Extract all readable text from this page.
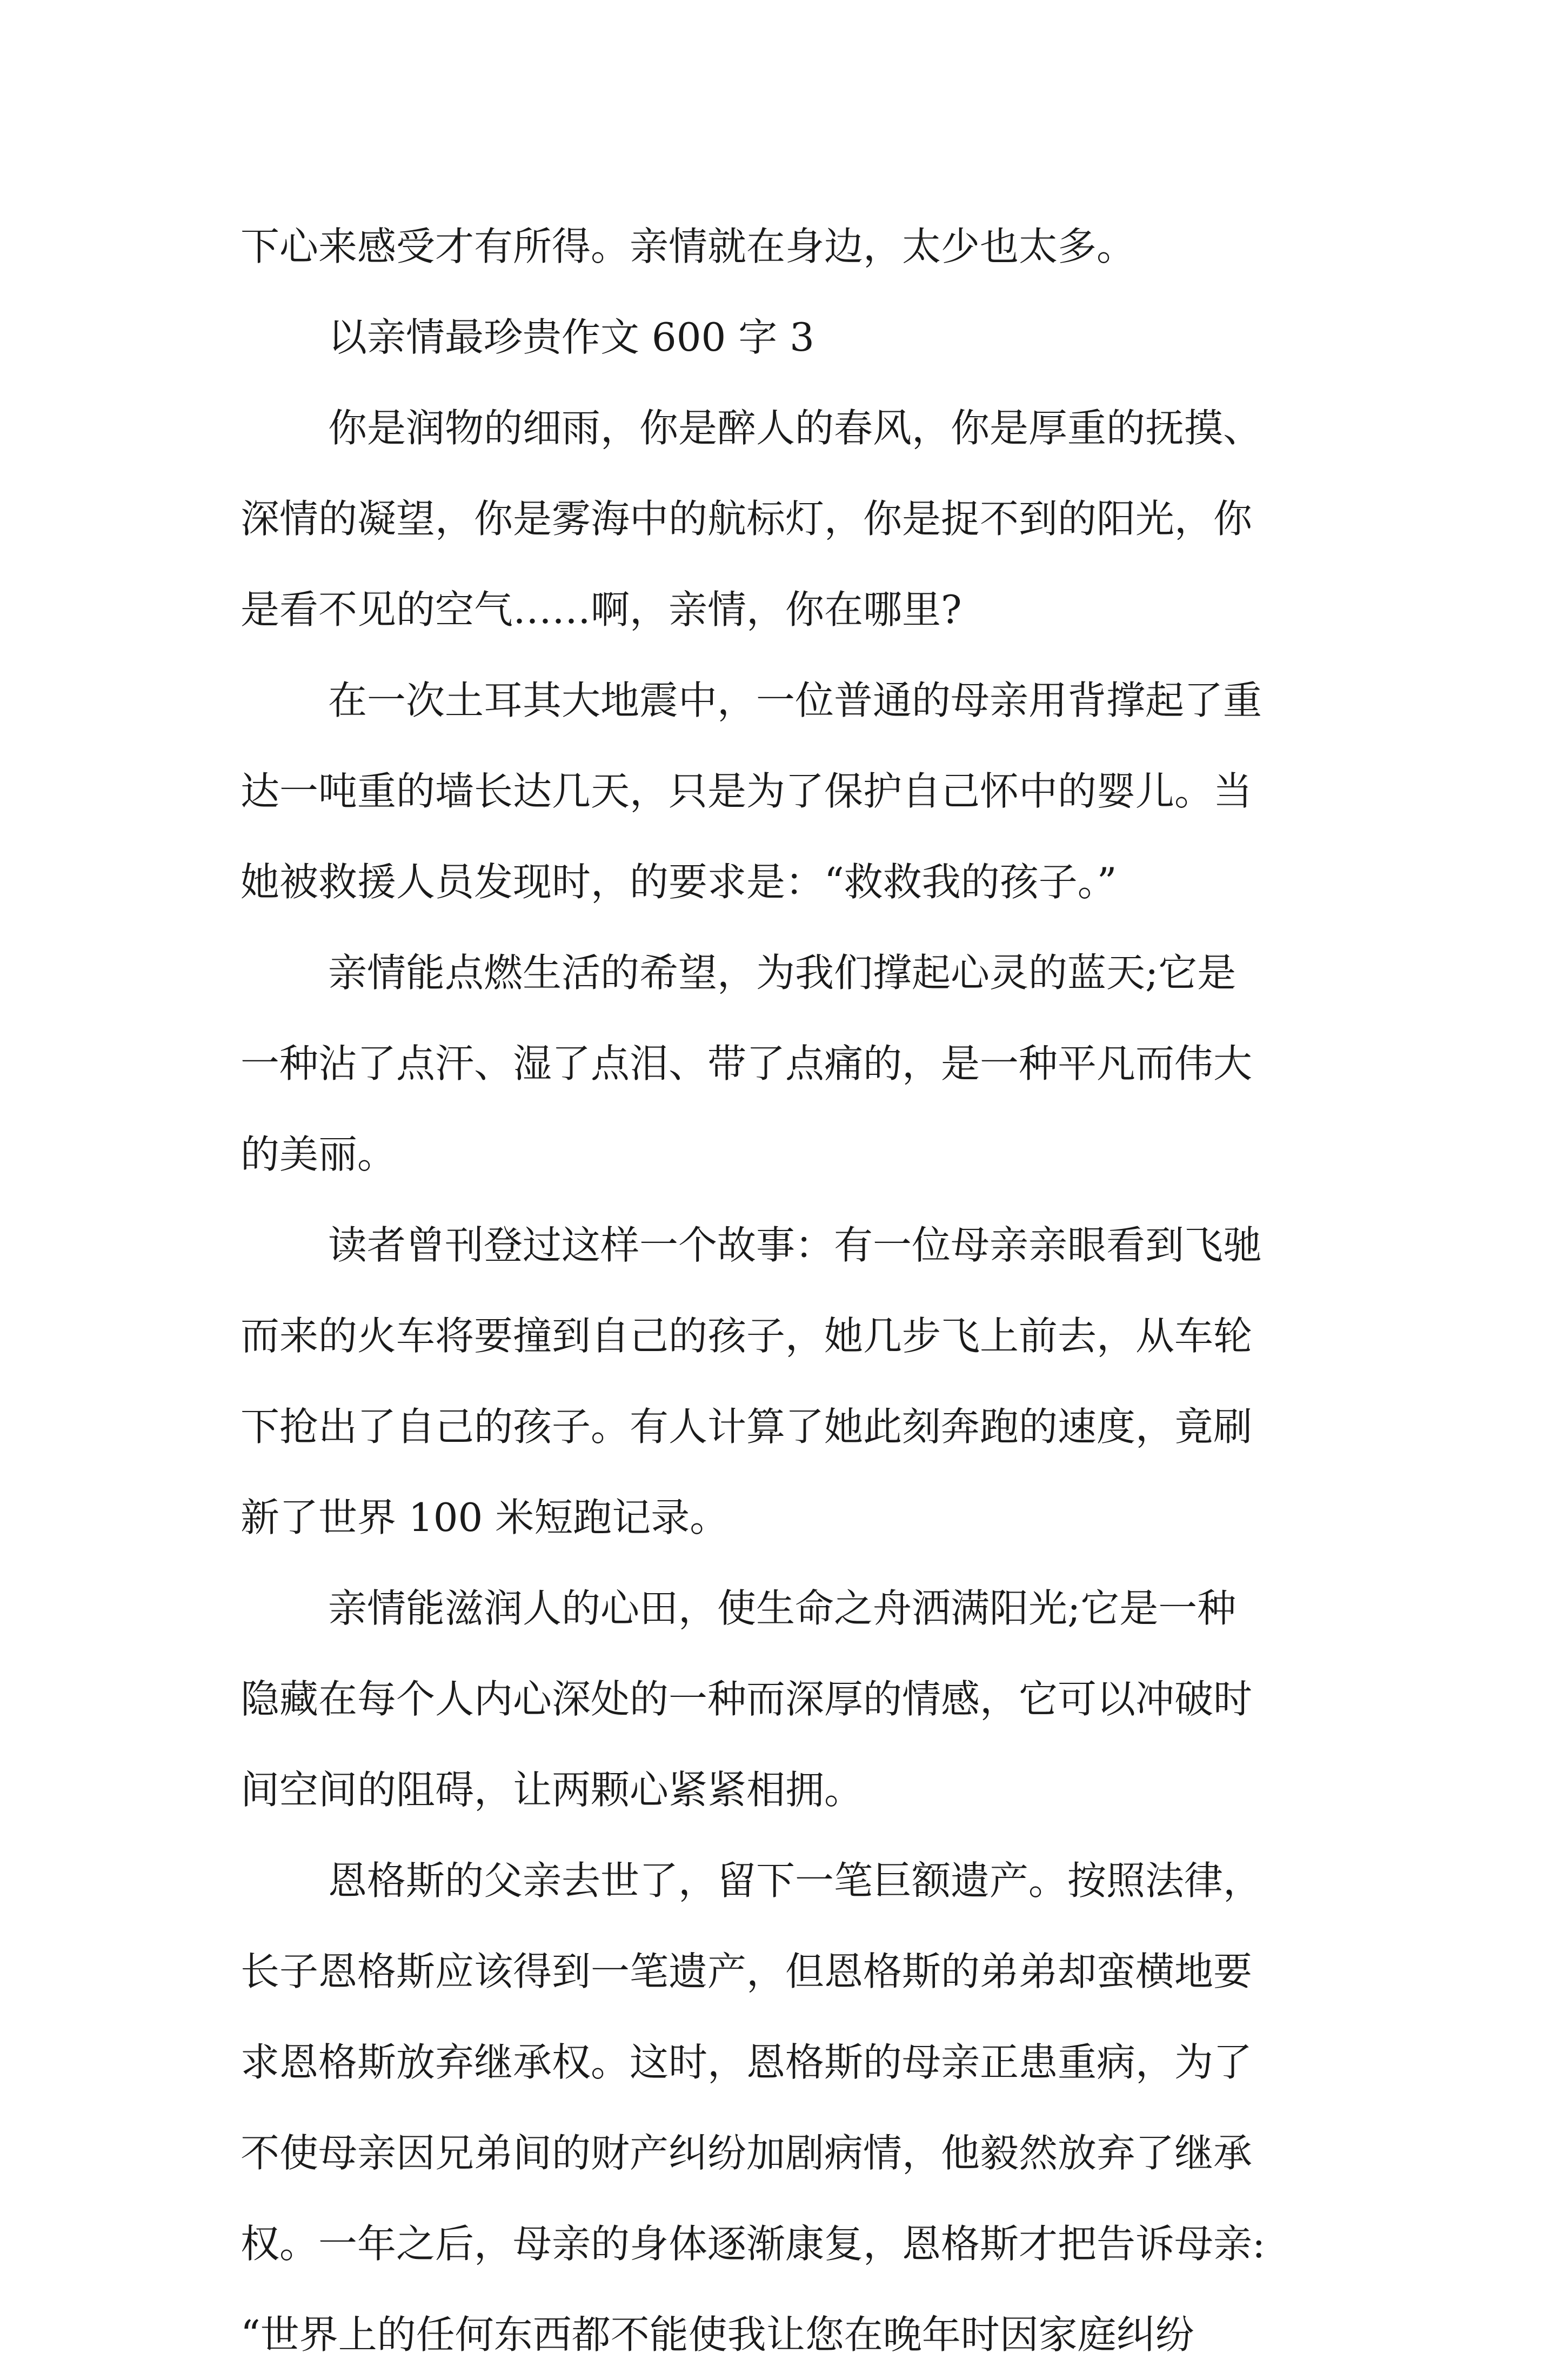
下心来感受才有所得。亲情就在身边，太少也太多。
以亲情最珍贵作文 600 字 3
你是润物的细雨，你是醉人的春风，你是厚重的抚摸、
深情的凝望，你是雾海中的航标灯，你是捉不到的阳光，你
是看不见的空气……啊，亲情，你在哪里?
在一次土耳其大地震中，一位普通的母亲用背撑起了重
达一吨重的墙长达几天，只是为了保护自己怀中的婴儿。当
她被救援人员发现时，的要求是：“救救我的孩子。”
亲情能点燃生活的希望，为我们撑起心灵的蓝天;它是
一种沾了点汗、湿了点泪、带了点痛的，是一种平凡而伟大
的美丽。
读者曾刊登过这样一个故事：有一位母亲亲眼看到飞驰
而来的火车将要撞到自己的孩子，她几步飞上前去，从车轮
下抢出了自己的孩子。有人计算了她此刻奔跑的速度，竟刷
新了世界 100 米短跑记录。
亲情能滋润人的心田，使生命之舟洒满阳光;它是一种
隐藏在每个人内心深处的一种而深厚的情感，它可以冲破时
间空间的阻碍，让两颗心紧紧相拥。
恩格斯的父亲去世了，留下一笔巨额遗产。按照法律，
长子恩格斯应该得到一笔遗产，但恩格斯的弟弟却蛮横地要
求恩格斯放弃继承权。这时，恩格斯的母亲正患重病，为了
不使母亲因兄弟间的财产纠纷加剧病情，他毅然放弃了继承
权。一年之后，母亲的身体逐渐康复，恩格斯才把告诉母亲:
“世界上的任何东西都不能使我让您在晚年时因家庭纠纷
